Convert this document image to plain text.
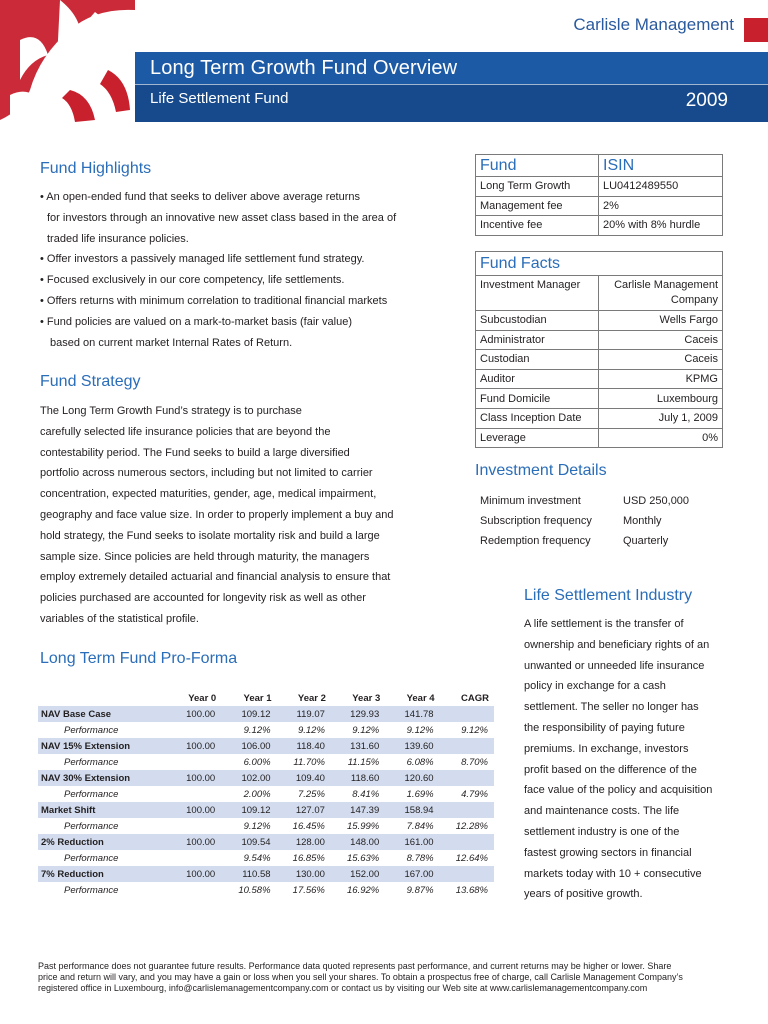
Carlisle Management
Long Term Growth Fund Overview
Life Settlement Fund	2009
Fund Highlights
• An open-ended fund that seeks to deliver above average returns
for investors through an innovative new asset class based in the area of
traded life insurance policies.
• Offer investors a passively managed life settlement fund strategy.
• Focused exclusively in our core competency, life settlements.
• Offers returns with minimum correlation to traditional financial markets
• Fund policies are valued on a mark-to-market basis (fair value)
based on current market Internal Rates of Return.
Fund Strategy
The Long Term Growth Fund’s strategy is to purchase
carefully selected life insurance policies that are beyond the
contestability period. The Fund seeks to build a large diversified
portfolio across numerous sectors, including but not limited to carrier
concentration, expected maturities, gender, age, medical impairment,
geography and face value size. In order to properly implement a buy and
hold strategy, the Fund seeks to isolate mortality risk and build a large
sample size. Since policies are held through maturity, the managers
employ extremely detailed actuarial and financial analysis to ensure that
policies purchased are accounted for longevity risk as well as other
variables of the statistical profile.
Long Term Fund Pro-Forma
	Year 0	Year 1	Year 2	Year 3	Year 4	CAGR
NAV Base Case	100.00	109.12	119.07	129.93	141.78	
Performance		9.12%	9.12%	9.12%	9.12%	9.12%
NAV 15% Extension	100.00	106.00	118.40	131.60	139.60	
Performance		6.00%	11.70%	11.15%	6.08%	8.70%
NAV 30% Extension	100.00	102.00	109.40	118.60	120.60	
Performance		2.00%	7.25%	8.41%	1.69%	4.79%
Market Shift	100.00	109.12	127.07	147.39	158.94	
Performance		9.12%	16.45%	15.99%	7.84%	12.28%
2% Reduction	100.00	109.54	128.00	148.00	161.00	
Performance		9.54%	16.85%	15.63%	8.78%	12.64%
7% Reduction	100.00	110.58	130.00	152.00	167.00	
Performance		10.58%	17.56%	16.92%	9.87%	13.68%
Fund	ISIN
Long Term Growth	LU0412489550
Management fee	2%
Incentive fee	20% with 8% hurdle
Fund Facts	
Investment Manager	Carlisle Management
Company
Subcustodian	Wells Fargo
Administrator	Caceis
Custodian	Caceis
Auditor	KPMG
Fund Domicile	Luxembourg
Class Inception Date	July 1, 2009
Leverage	0%
Investment Details
Minimum investment	USD 250,000
Subscription frequency	Monthly
Redemption frequency	Quarterly
Life Settlement Industry
A life settlement is the transfer of
ownership and beneficiary rights of an
unwanted or unneeded life insurance
policy in exchange for a cash
settlement. The seller no longer has
the responsibility of paying future
premiums. In exchange, investors
profit based on the difference of the
face value of the policy and acquisition
and maintenance costs. The life
settlement industry is one of the
fastest growing sectors in financial
markets today with 10 + consecutive
years of positive growth.
Past performance does not guarantee future results. Performance data quoted represents past performance, and current returns may be higher or lower. Share
price and return will vary, and you may have a gain or loss when you sell your shares. To obtain a prospectus free of charge, call Carlisle Management Company’s
registered office in Luxembourg, info@carlislemanagementcompany.com or contact us by visiting our Web site at www.carlislemanagementcompany.com
